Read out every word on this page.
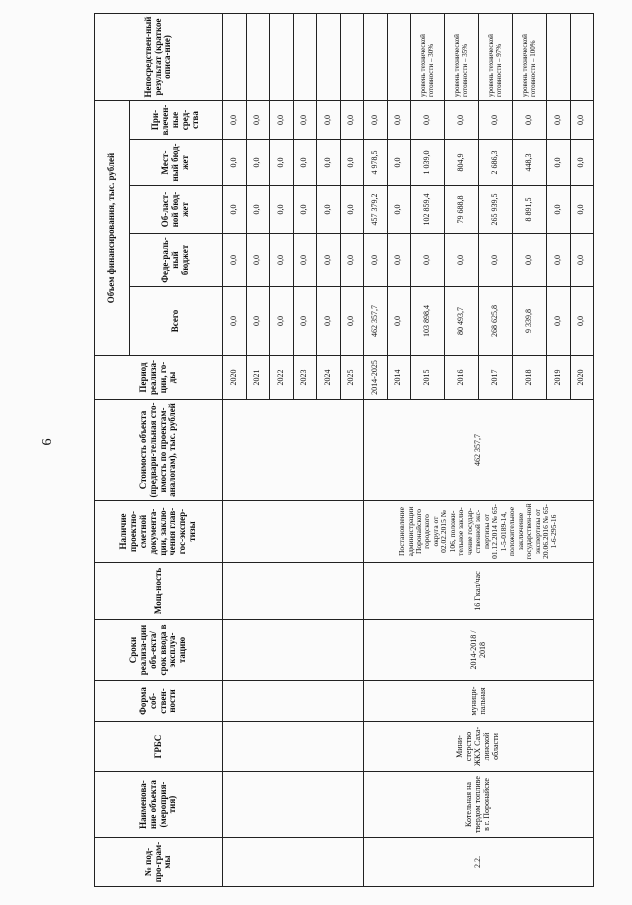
6
№ под-про-грам-мы	Наименова-ние объекта (мероприя-тия)	ГРБС	Форма соб-ствен-ности	Сроки реализа-ции объ-екта/срок ввода в эксплуа-тацию	Мощ-ность	Наличие проектно-сметной документа-ции, заклю-чения глав-гос-экспер-тизы	Стоимость объекта (предвари-тельная сто-имость по проектам-аналогам), тыс. рублей	Период реализа-ции, го-ды	Объем финансирования, тыс. рублей					Непосредствен-ный результат (краткое описа-ние)
									Всего	Феде-раль-ный бюджет	Об-ласт-ной бюд-жет	Мест-ный бюд-жет	При-влечен-ные сред-ства	
								2020	0,0	0,0	0,0	0,0	0,0	
								2021	0,0	0,0	0,0	0,0	0,0	
								2022	0,0	0,0	0,0	0,0	0,0	
								2023	0,0	0,0	0,0	0,0	0,0	
								2024	0,0	0,0	0,0	0,0	0,0	
								2025	0,0	0,0	0,0	0,0	0,0	
2.2.	Котельная на твердом топливе в г. Поронайске	Мини-стерство ЖКХ Саха-линской области	муници-пальная	2014-2018 / 2018	16 Гкал/час	Постановление администрации Поронайского городского округа от 02.02.2015 № 106, положи-тельное заклю-чение государ-ственной экс-пертизы от 01.12.2014 № 65-1-5-0189-14, положительное заключение государствен-ной экспертизы от 20.06.2016 № 65-1-6-295-16	462 357,7	2014-2025	462 357,7	0,0	457 379,2	4 978,5	0,0	
								2014	0,0	0,0	0,0	0,0	0,0	
								2015	103 898,4	0,0	102 859,4	1 039,0	0,0	уровень технической готовности – 30%
								2016	80 493,7	0,0	79 688,8	804,9	0,0	уровень технической готовности – 35%
								2017	268 625,8	0,0	265 939,5	2 686,3	0,0	уровень технической готовности – 97%
								2018	9 339,8	0,0	8 891,5	448,3	0,0	уровень технической готовности – 100%
								2019	0,0	0,0	0,0	0,0	0,0	
								2020	0,0	0,0	0,0	0,0	0,0	
